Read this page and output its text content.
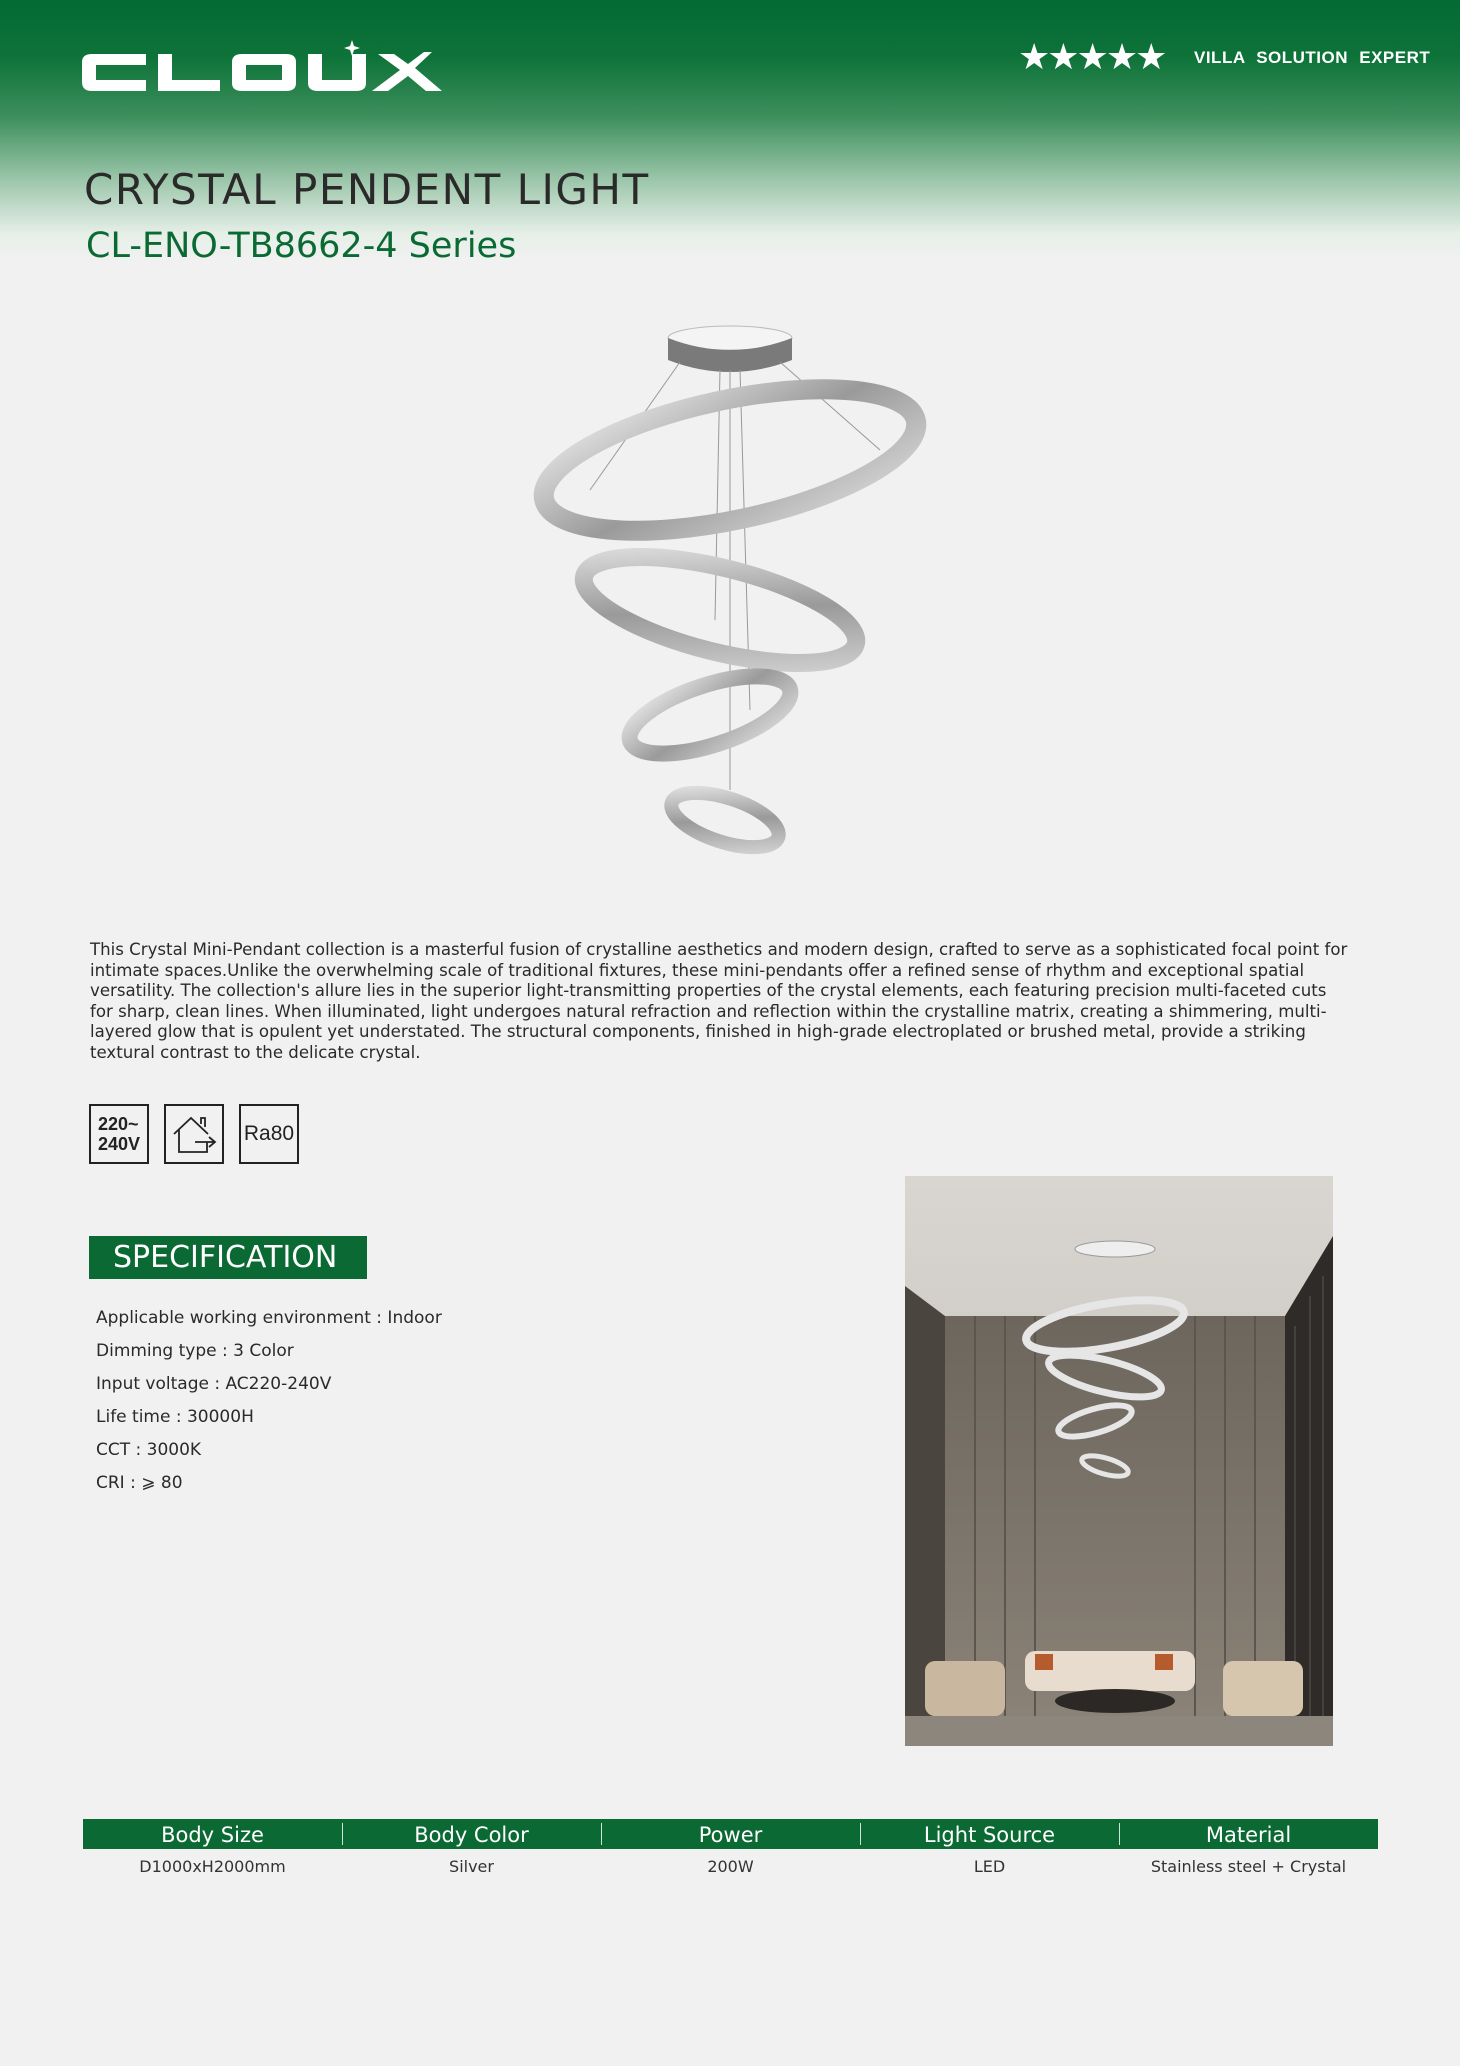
★★★★★ VILLA SOLUTION EXPERT
CRYSTAL PENDENT LIGHT
CL-ENO-TB8662-4 Series

This Crystal Mini-Pendant collection is a masterful fusion of crystalline aesthetics and modern design, crafted to serve as a sophisticated focal point for intimate spaces.Unlike the overwhelming scale of traditional fixtures, these mini-pendants offer a refined sense of rhythm and exceptional spatial versatility. The collection's allure lies in the superior light-transmitting properties of the crystal elements, each featuring precision multi-faceted cuts for sharp, clean lines. When illuminated, light undergoes natural refraction and reflection within the crystalline matrix, creating a shimmering, multi-layered glow that is opulent yet understated. The structural components, finished in high-grade electroplated or brushed metal, provide a striking textural contrast to the delicate crystal.

220~
240V	Ra80
SPECIFICATION
Applicable working environment : Indoor
Dimming type : 3 Color
Input voltage : AC220-240V
Life time : 30000H
CCT : 3000K
CRI : ⩾ 80
Body Size	Body Color	Power	Light Source	Material
D1000xH2000mm	Silver	200W	LED	Stainless steel + Crystal
